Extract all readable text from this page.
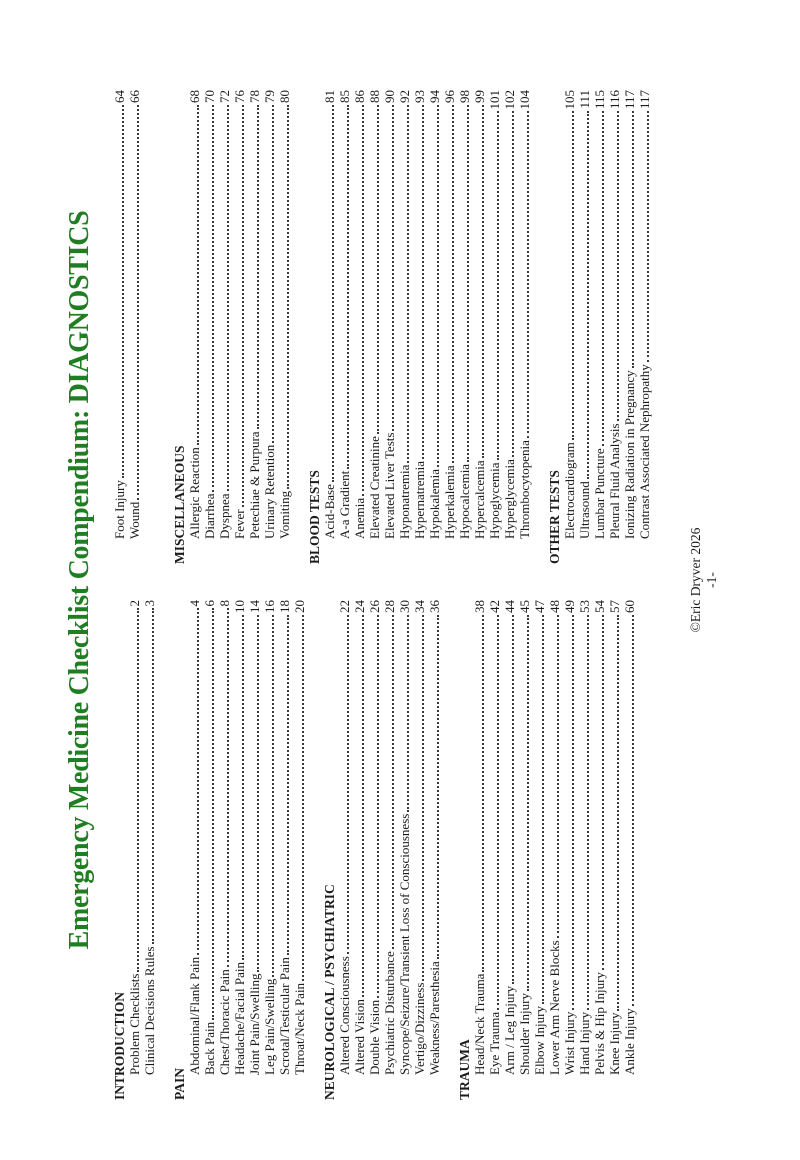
Emergency Medicine Checklist Compendium: DIAGNOSTICS
INTRODUCTION Problem Checklists
2
Clinical Decisions Rules
3
PAIN
Abdominal/Flank Pain
4
Back Pain
6
Chest/Thoracic Pain
8
Headache/Facial Pain
10
Joint Pain/Swelling
14
Leg Pain/Swelling
16
Scrotal/Testicular Pain
18
Throat/Neck Pain
20
NEUROLOGICAL / PSYCHIATRIC Altered Consciousness
22
Altered Vision
24
Double Vision
26
Psychiatric Disturbance
28
Syncope/Seizure/Transient Loss of Consciousness
30
Vertigo/Dizziness
34
Weakness/Paresthesia
36
TRAUMA Head/Neck Trauma
38
Eye Trauma
42
Arm / Leg Injury
44
Shoulder Injury
45
Elbow Injury
47
Lower Arm Nerve Blocks
48
Wrist Injury
49
Hand Injury
53
Pelvis & Hip Injury
54
Knee Injury
57
Ankle Injury
60
Foot Injury
64
Wound
66
MISCELLANEOUS Allergic Reaction
68
Diarrhea
70
Dyspnea
72
Fever
76
Petechiae & Purpura
78
Urinary Retention
79
Vomiting
80
BLOOD TESTS Acid-Base
81
A-a Gradient
85
Anemia
86
Elevated Creatinine
88
Elevated Liver Tests
90
Hyponatremia
92
Hypernatremia
93
Hypokalemia
94
Hyperkalemia
96
Hypocalcemia
98
Hypercalcemia
99
Hypoglycemia
101
Hyperglycemia
102
Thrombocytopenia
104
OTHER TESTS Electrocardiogram
105
Ultrasound
111
Lumbar Puncture
115
Pleural Fluid Analysis
116
Ionizing Radiation in Pregnancy
117
Contrast Associated Nephropathy
117
©Eric Dryver 2026 -1-
